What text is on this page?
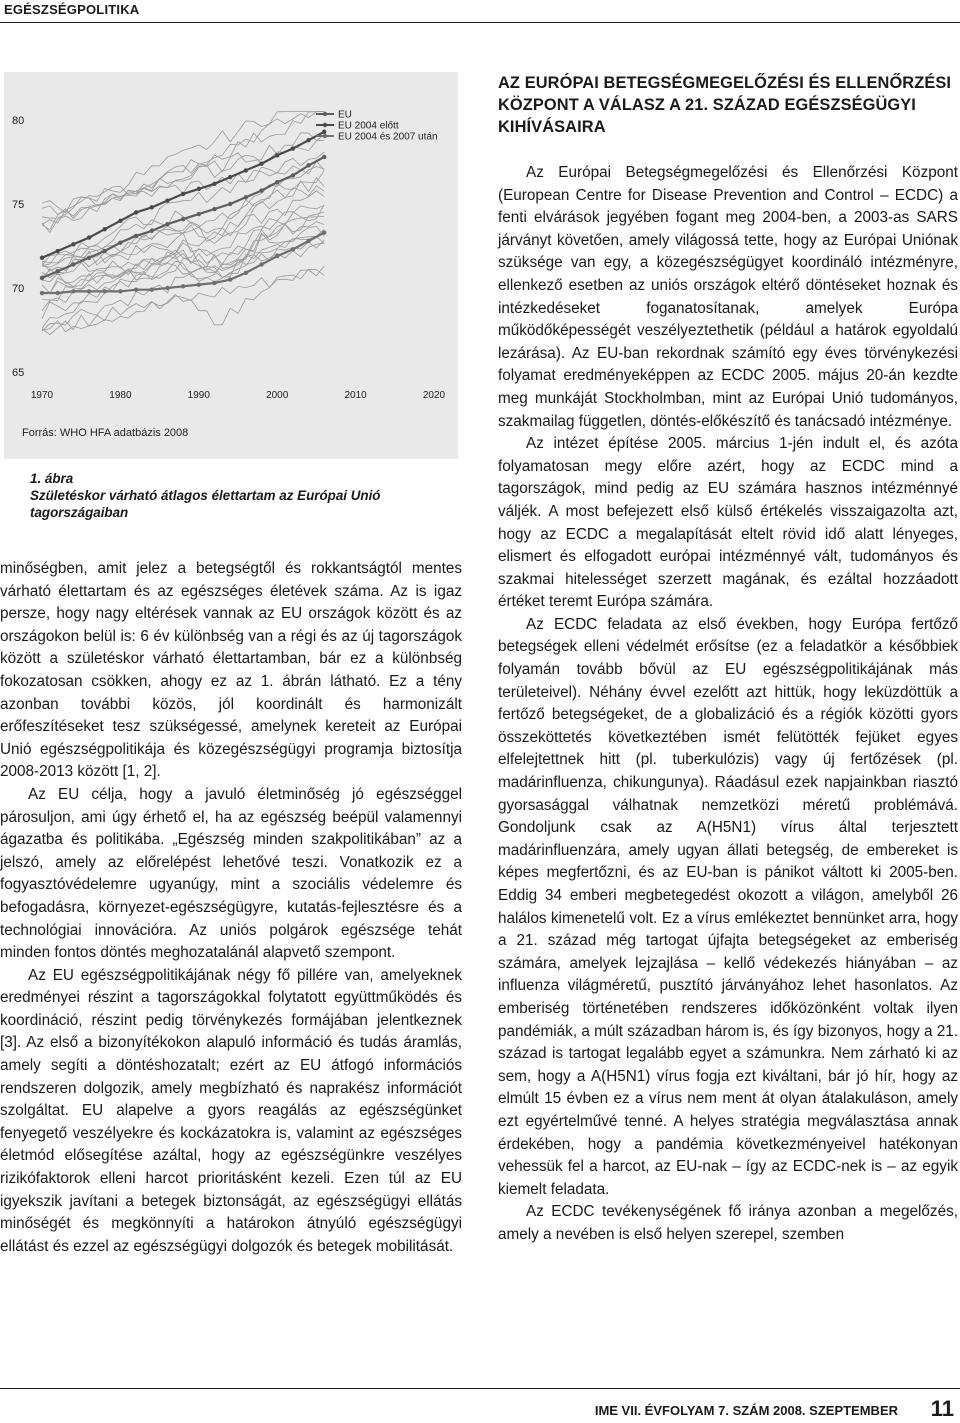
EGÉSZSÉGPOLITIKA
65
70
75
80
1970	1980	1990	2000	2010	2020
EU
EU 2004 előtt
EU 2004 és 2007 után
Forrás: WHO HFA adatbázis 2008
1. ábra
Születéskor várható átlagos élettartam az Európai Unió tagországaiban

minőségben, amit jelez a betegségtől és rokkantságtól mentes várható élettartam és az egészséges életévek száma. Az is igaz persze, hogy nagy eltérések vannak az EU országok között és az országokon belül is: 6 év különbség van a régi és az új tagországok között a születéskor várható élettartamban, bár ez a különbség fokozatosan csökken, ahogy ez az 1. ábrán látható. Ez a tény azonban további közös, jól koordinált és harmonizált erőfeszítéseket tesz szükségessé, amelynek kereteit az Európai Unió egészségpolitikája és közegészségügyi programja biztosítja 2008-2013 között [1, 2].

Az EU célja, hogy a javuló életminőség jó egészséggel párosuljon, ami úgy érhető el, ha az egészség beépül valamennyi ágazatba és politikába. „Egészség minden szakpolitikában” az a jelszó, amely az előrelépést lehetővé teszi. Vonatkozik ez a fogyasztóvédelemre ugyanúgy, mint a szociális védelemre és befogadásra, környezet-egészségügyre, kutatás-fejlesztésre és a technológiai innovációra. Az uniós polgárok egészsége tehát minden fontos döntés meghozatalánál alapvető szempont.

Az EU egészségpolitikájának négy fő pillére van, amelyeknek eredményei részint a tagországokkal folytatott együttműködés és koordináció, részint pedig törvénykezés formájában jelentkeznek [3]. Az első a bizonyítékokon alapuló információ és tudás áramlás, amely segíti a döntéshozatalt; ezért az EU átfogó információs rendszeren dolgozik, amely megbízható és naprakész információt szolgáltat. EU alapelve a gyors reagálás az egészségünket fenyegető veszélyekre és kockázatokra is, valamint az egészséges életmód elősegítése azáltal, hogy az egészségünkre veszélyes rizikófaktorok elleni harcot prioritásként kezeli. Ezen túl az EU igyekszik javítani a betegek biztonságát, az egészségügyi ellátás minőségét és megkönnyíti a határokon átnyúló egészségügyi ellátást és ezzel az egészségügyi dolgozók és betegek mobilitását.

AZ EURÓPAI BETEGSÉGMEGELŐZÉSI ÉS ELLENŐRZÉSI KÖZPONT A VÁLASZ A 21. SZÁZAD EGÉSZSÉGÜGYI KIHÍVÁSAIRA

Az Európai Betegségmegelőzési és Ellenőrzési Központ (European Centre for Disease Prevention and Control – ECDC) a fenti elvárások jegyében fogant meg 2004-ben, a 2003-as SARS járványt követően, amely világossá tette, hogy az Európai Uniónak szüksége van egy, a közegészségügyet koordináló intézményre, ellenkező esetben az uniós országok eltérő döntéseket hoznak és intézkedéseket foganatosítanak, amelyek Európa működőképességét veszélyeztethetik (például a határok egyoldalú lezárása). Az EU-ban rekordnak számító egy éves törvénykezési folyamat eredményeképpen az ECDC 2005. május 20-án kezdte meg munkáját Stockholmban, mint az Európai Unió tudományos, szakmailag független, döntés-előkészítő és tanácsadó intézménye.

Az intézet építése 2005. március 1-jén indult el, és azóta folyamatosan megy előre azért, hogy az ECDC mind a tagországok, mind pedig az EU számára hasznos intézménnyé váljék. A most befejezett első külső értékelés visszaigazolta azt, hogy az ECDC a megalapítását eltelt rövid idő alatt lényeges, elismert és elfogadott európai intézménnyé vált, tudományos és szakmai hitelességet szerzett magának, és ezáltal hozzáadott értéket teremt Európa számára.

Az ECDC feladata az első években, hogy Európa fertőző betegségek elleni védelmét erősítse (ez a feladatkör a későbbiek folyamán tovább bővül az EU egészségpolitikájának más területeivel). Néhány évvel ezelőtt azt hittük, hogy leküzdöttük a fertőző betegségeket, de a globalizáció és a régiók közötti gyors összeköttetés következtében ismét felütötték fejüket egyes elfelejtettnek hitt (pl. tuberkulózis) vagy új fertőzések (pl. madárinfluenza, chikungunya). Ráadásul ezek napjainkban riasztó gyorsasággal válhatnak nemzetközi méretű problémává. Gondoljunk csak az A(H5N1) vírus által terjesztett madárinfluenzára, amely ugyan állati betegség, de embereket is képes megfertőzni, és az EU-ban is pánikot váltott ki 2005-ben. Eddig 34 emberi megbetegedést okozott a világon, amelyből 26 halálos kimenetelű volt. Ez a vírus emlékeztet bennünket arra, hogy a 21. század még tartogat újfajta betegségeket az emberiség számára, amelyek lejzajlása – kellő védekezés hiányában – az influenza világméretű, pusztító járványához lehet hasonlatos. Az emberiség történetében rendszeres időközönként voltak ilyen pandémiák, a múlt században három is, és így bizonyos, hogy a 21. század is tartogat legalább egyet a számunkra. Nem zárható ki az sem, hogy a A(H5N1) vírus fogja ezt kiváltani, bár jó hír, hogy az elmúlt 15 évben ez a vírus nem ment át olyan átalakuláson, amely ezt egyértelművé tenné. A helyes stratégia megválasztása annak érdekében, hogy a pandémia következményeivel hatékonyan vehessük fel a harcot, az EU-nak – így az ECDC-nek is – az egyik kiemelt feladata.

Az ECDC tevékenységének fő iránya azonban a megelőzés, amely a nevében is első helyen szerepel, szemben

IME VII. ÉVFOLYAM 7. SZÁM 2008. SZEPTEMBER 11
